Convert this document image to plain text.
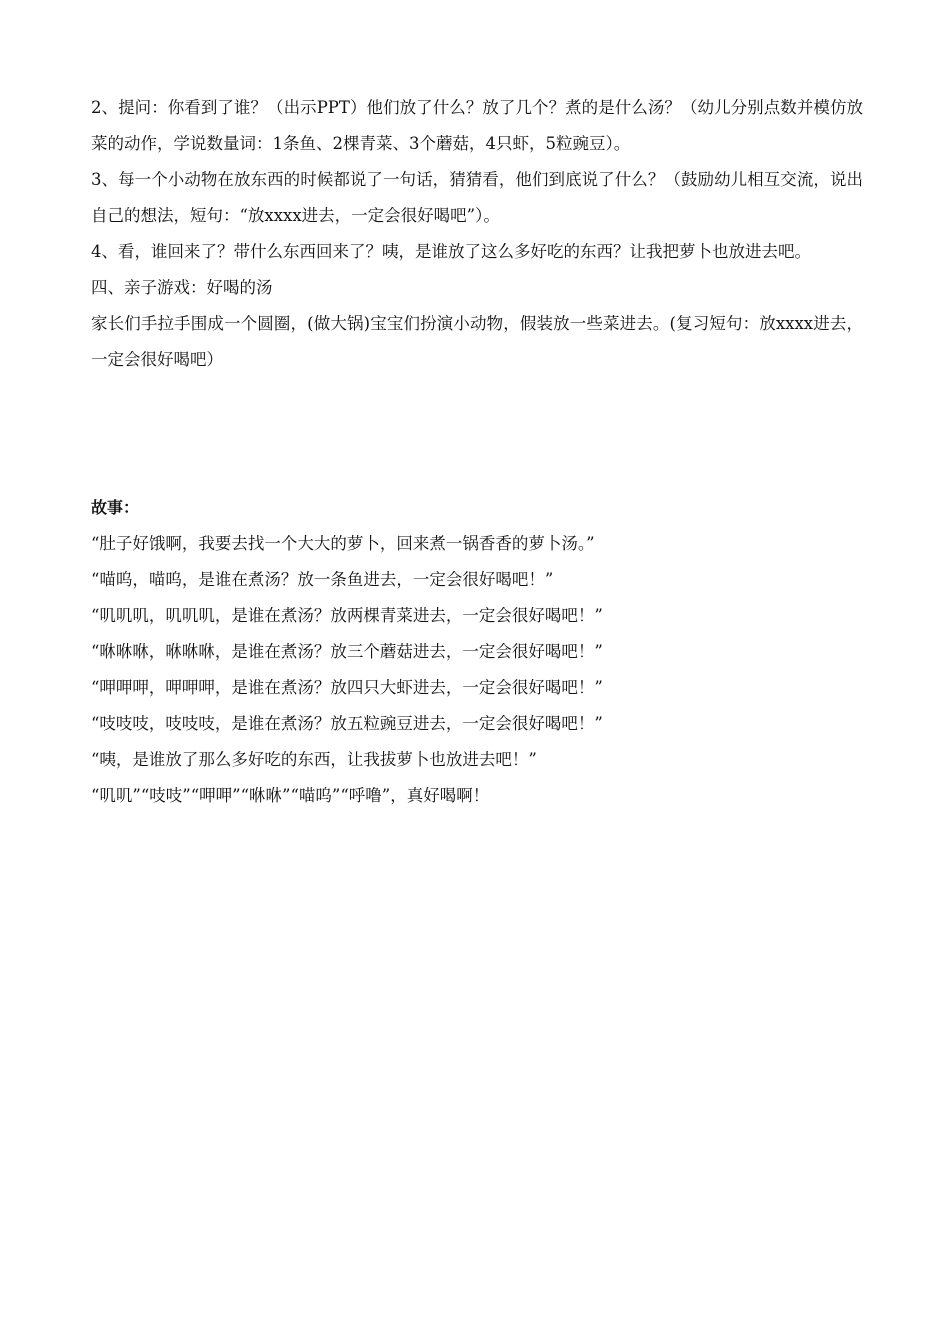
2、提问：你看到了谁？（出示PPT）他们放了什么？放了几个？煮的是什么汤？（幼儿分别点数并模仿放菜的动作，学说数量词：1条鱼、2棵青菜、3个蘑菇，4只虾，5粒豌豆）。

3、每一个小动物在放东西的时候都说了一句话，猜猜看，他们到底说了什么？（鼓励幼儿相互交流，说出自己的想法，短句：“放xxxx进去，一定会很好喝吧”）。

4、看，谁回来了？带什么东西回来了？咦，是谁放了这么多好吃的东西？让我把萝卜也放进去吧。

四、亲子游戏：好喝的汤

家长们手拉手围成一个圆圈，(做大锅)宝宝们扮演小动物，假装放一些菜进去。(复习短句：放xxxx进去，一定会很好喝吧）

故事：

“肚子好饿啊，我要去找一个大大的萝卜，回来煮一锅香香的萝卜汤。”

“喵呜，喵呜，是谁在煮汤？放一条鱼进去，一定会很好喝吧！”

“叽叽叽，叽叽叽，是谁在煮汤？放两棵青菜进去，一定会很好喝吧！”

“咻咻咻，咻咻咻，是谁在煮汤？放三个蘑菇进去，一定会很好喝吧！”

“呷呷呷，呷呷呷，是谁在煮汤？放四只大虾进去，一定会很好喝吧！”

“吱吱吱，吱吱吱，是谁在煮汤？放五粒豌豆进去，一定会很好喝吧！”

“咦，是谁放了那么多好吃的东西，让我拔萝卜也放进去吧！”

“叽叽”“吱吱”“呷呷”“咻咻”“喵呜”“呼噜”，真好喝啊！
